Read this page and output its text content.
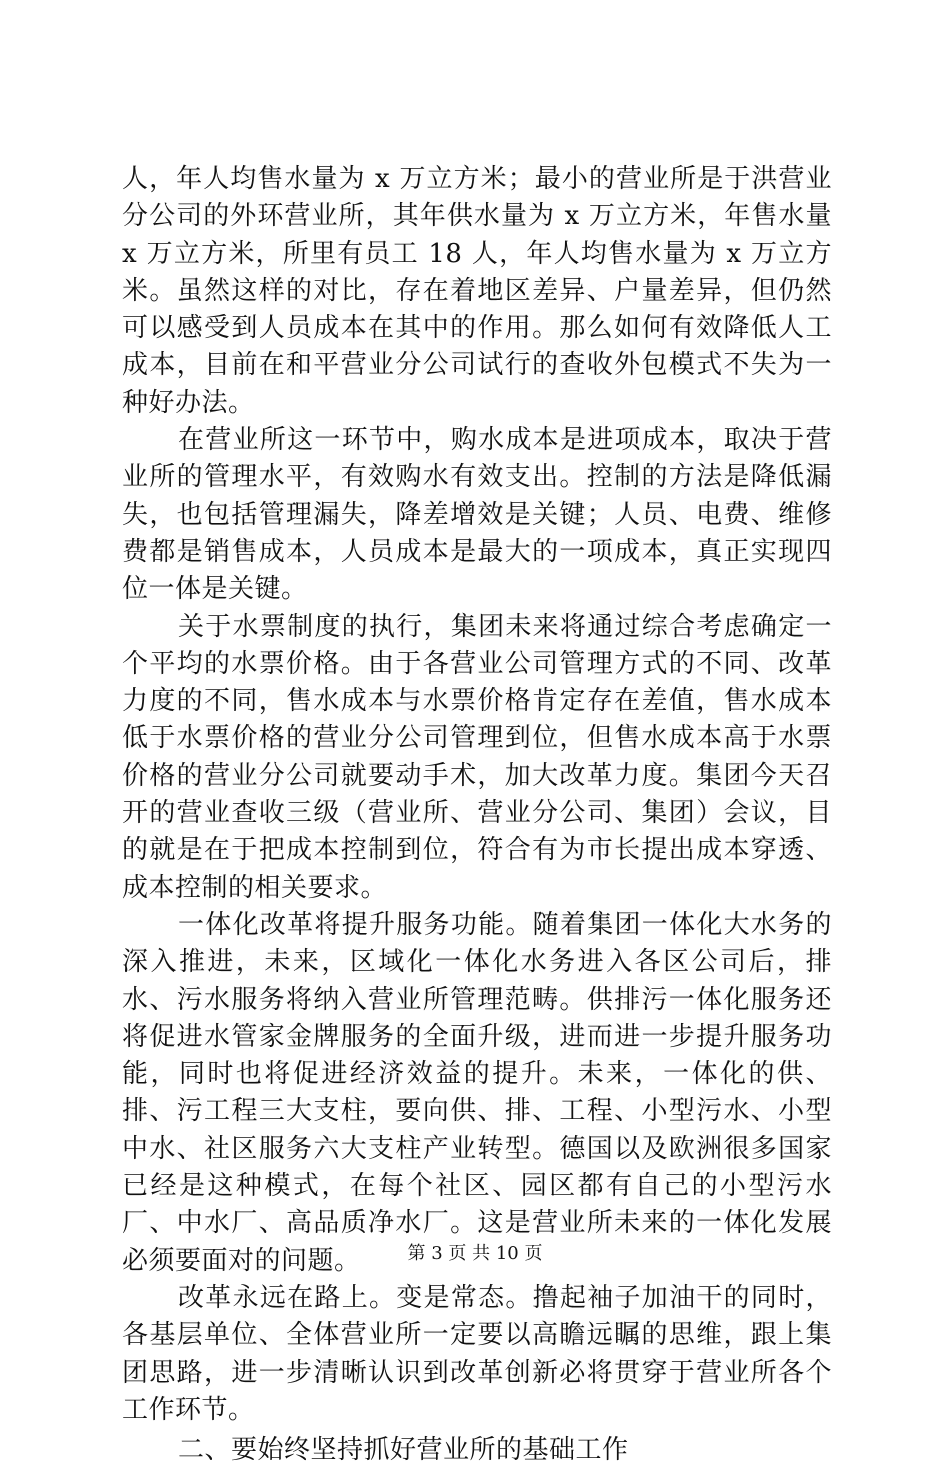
人，年人均售水量为 x 万立方米；最小的营业所是于洪营业分公司的外环营业所，其年供水量为 x 万立方米，年售水量 x 万立方米，所里有员工 18 人，年人均售水量为 x 万立方米。虽然这样的对比，存在着地区差异、户量差异，但仍然可以感受到人员成本在其中的作用。那么如何有效降低人工成本，目前在和平营业分公司试行的查收外包模式不失为一种好办法。

在营业所这一环节中，购水成本是进项成本，取决于营业所的管理水平，有效购水有效支出。控制的方法是降低漏失，也包括管理漏失，降差增效是关键；人员、电费、维修费都是销售成本，人员成本是最大的一项成本，真正实现四位一体是关键。

关于水票制度的执行，集团未来将通过综合考虑确定一个平均的水票价格。由于各营业公司管理方式的不同、改革力度的不同，售水成本与水票价格肯定存在差值，售水成本低于水票价格的营业分公司管理到位，但售水成本高于水票价格的营业分公司就要动手术，加大改革力度。集团今天召开的营业查收三级（营业所、营业分公司、集团）会议，目的就是在于把成本控制到位，符合有为市长提出成本穿透、成本控制的相关要求。

一体化改革将提升服务功能。随着集团一体化大水务的深入推进，未来，区域化一体化水务进入各区公司后，排水、污水服务将纳入营业所管理范畴。供排污一体化服务还将促进水管家金牌服务的全面升级，进而进一步提升服务功能，同时也将促进经济效益的提升。未来，一体化的供、排、污工程三大支柱，要向供、排、工程、小型污水、小型中水、社区服务六大支柱产业转型。德国以及欧洲很多国家已经是这种模式，在每个社区、园区都有自己的小型污水厂、中水厂、高品质净水厂。这是营业所未来的一体化发展必须要面对的问题。

改革永远在路上。变是常态。撸起袖子加油干的同时，各基层单位、全体营业所一定要以高瞻远瞩的思维，跟上集团思路，进一步清晰认识到改革创新必将贯穿于营业所各个工作环节。

二、要始终坚持抓好营业所的基础工作

第 3 页 共 10 页
